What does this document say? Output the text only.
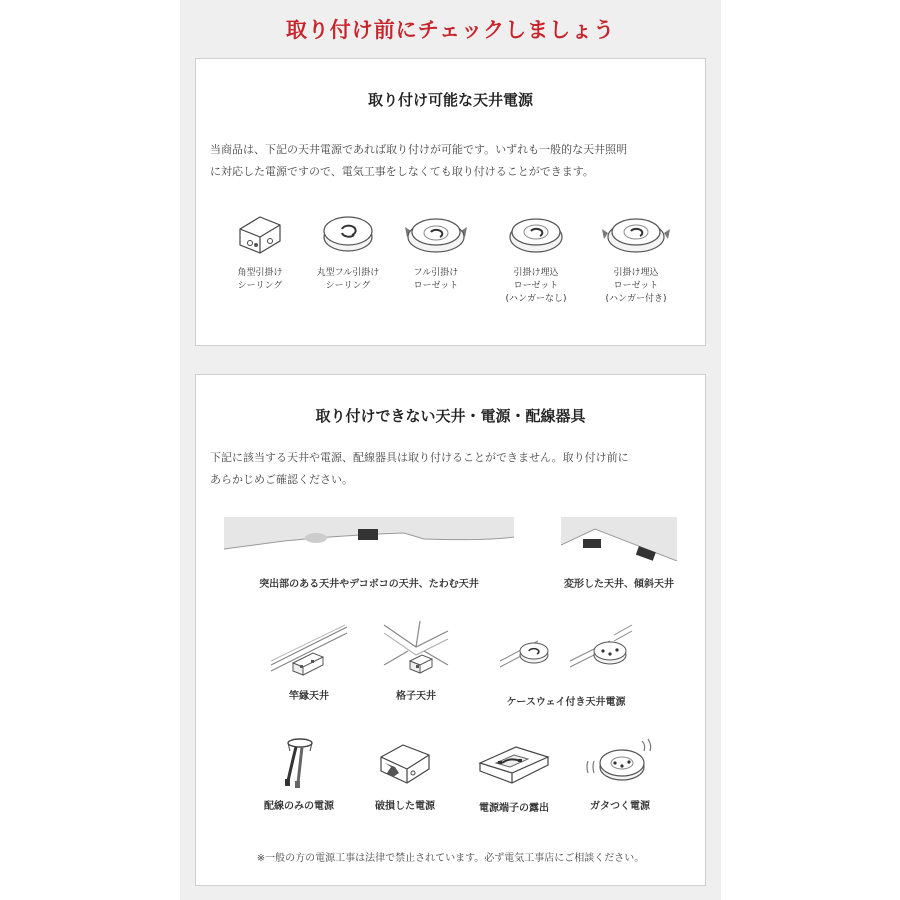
取り付け前にチェックしましょう
取り付け可能な天井電源
当商品は、下記の天井電源であれば取り付けが可能です。いずれも一般的な天井照明
に対応した電源ですので、電気工事をしなくても取り付けることができます。
角型引掛け
シーリング
丸型フル引掛け
シーリング
フル引掛け
ローゼット
引掛け埋込
ローゼット
(ハンガーなし)
引掛け埋込
ローゼット
(ハンガー付き)
取り付けできない天井・電源・配線器具
下記に該当する天井や電源、配線器具は取り付けることができません。取り付け前に
あらかじめご確認ください。
突出部のある天井やデコボコの天井、たわむ天井	変形した天井、傾斜天井
竿縁天井	格子天井
ケースウェイ付き天井電源
配線のみの電源	破損した電源	電源端子の露出	ガタつく電源
※一般の方の電源工事は法律で禁止されています。必ず電気工事店にご相談ください。
